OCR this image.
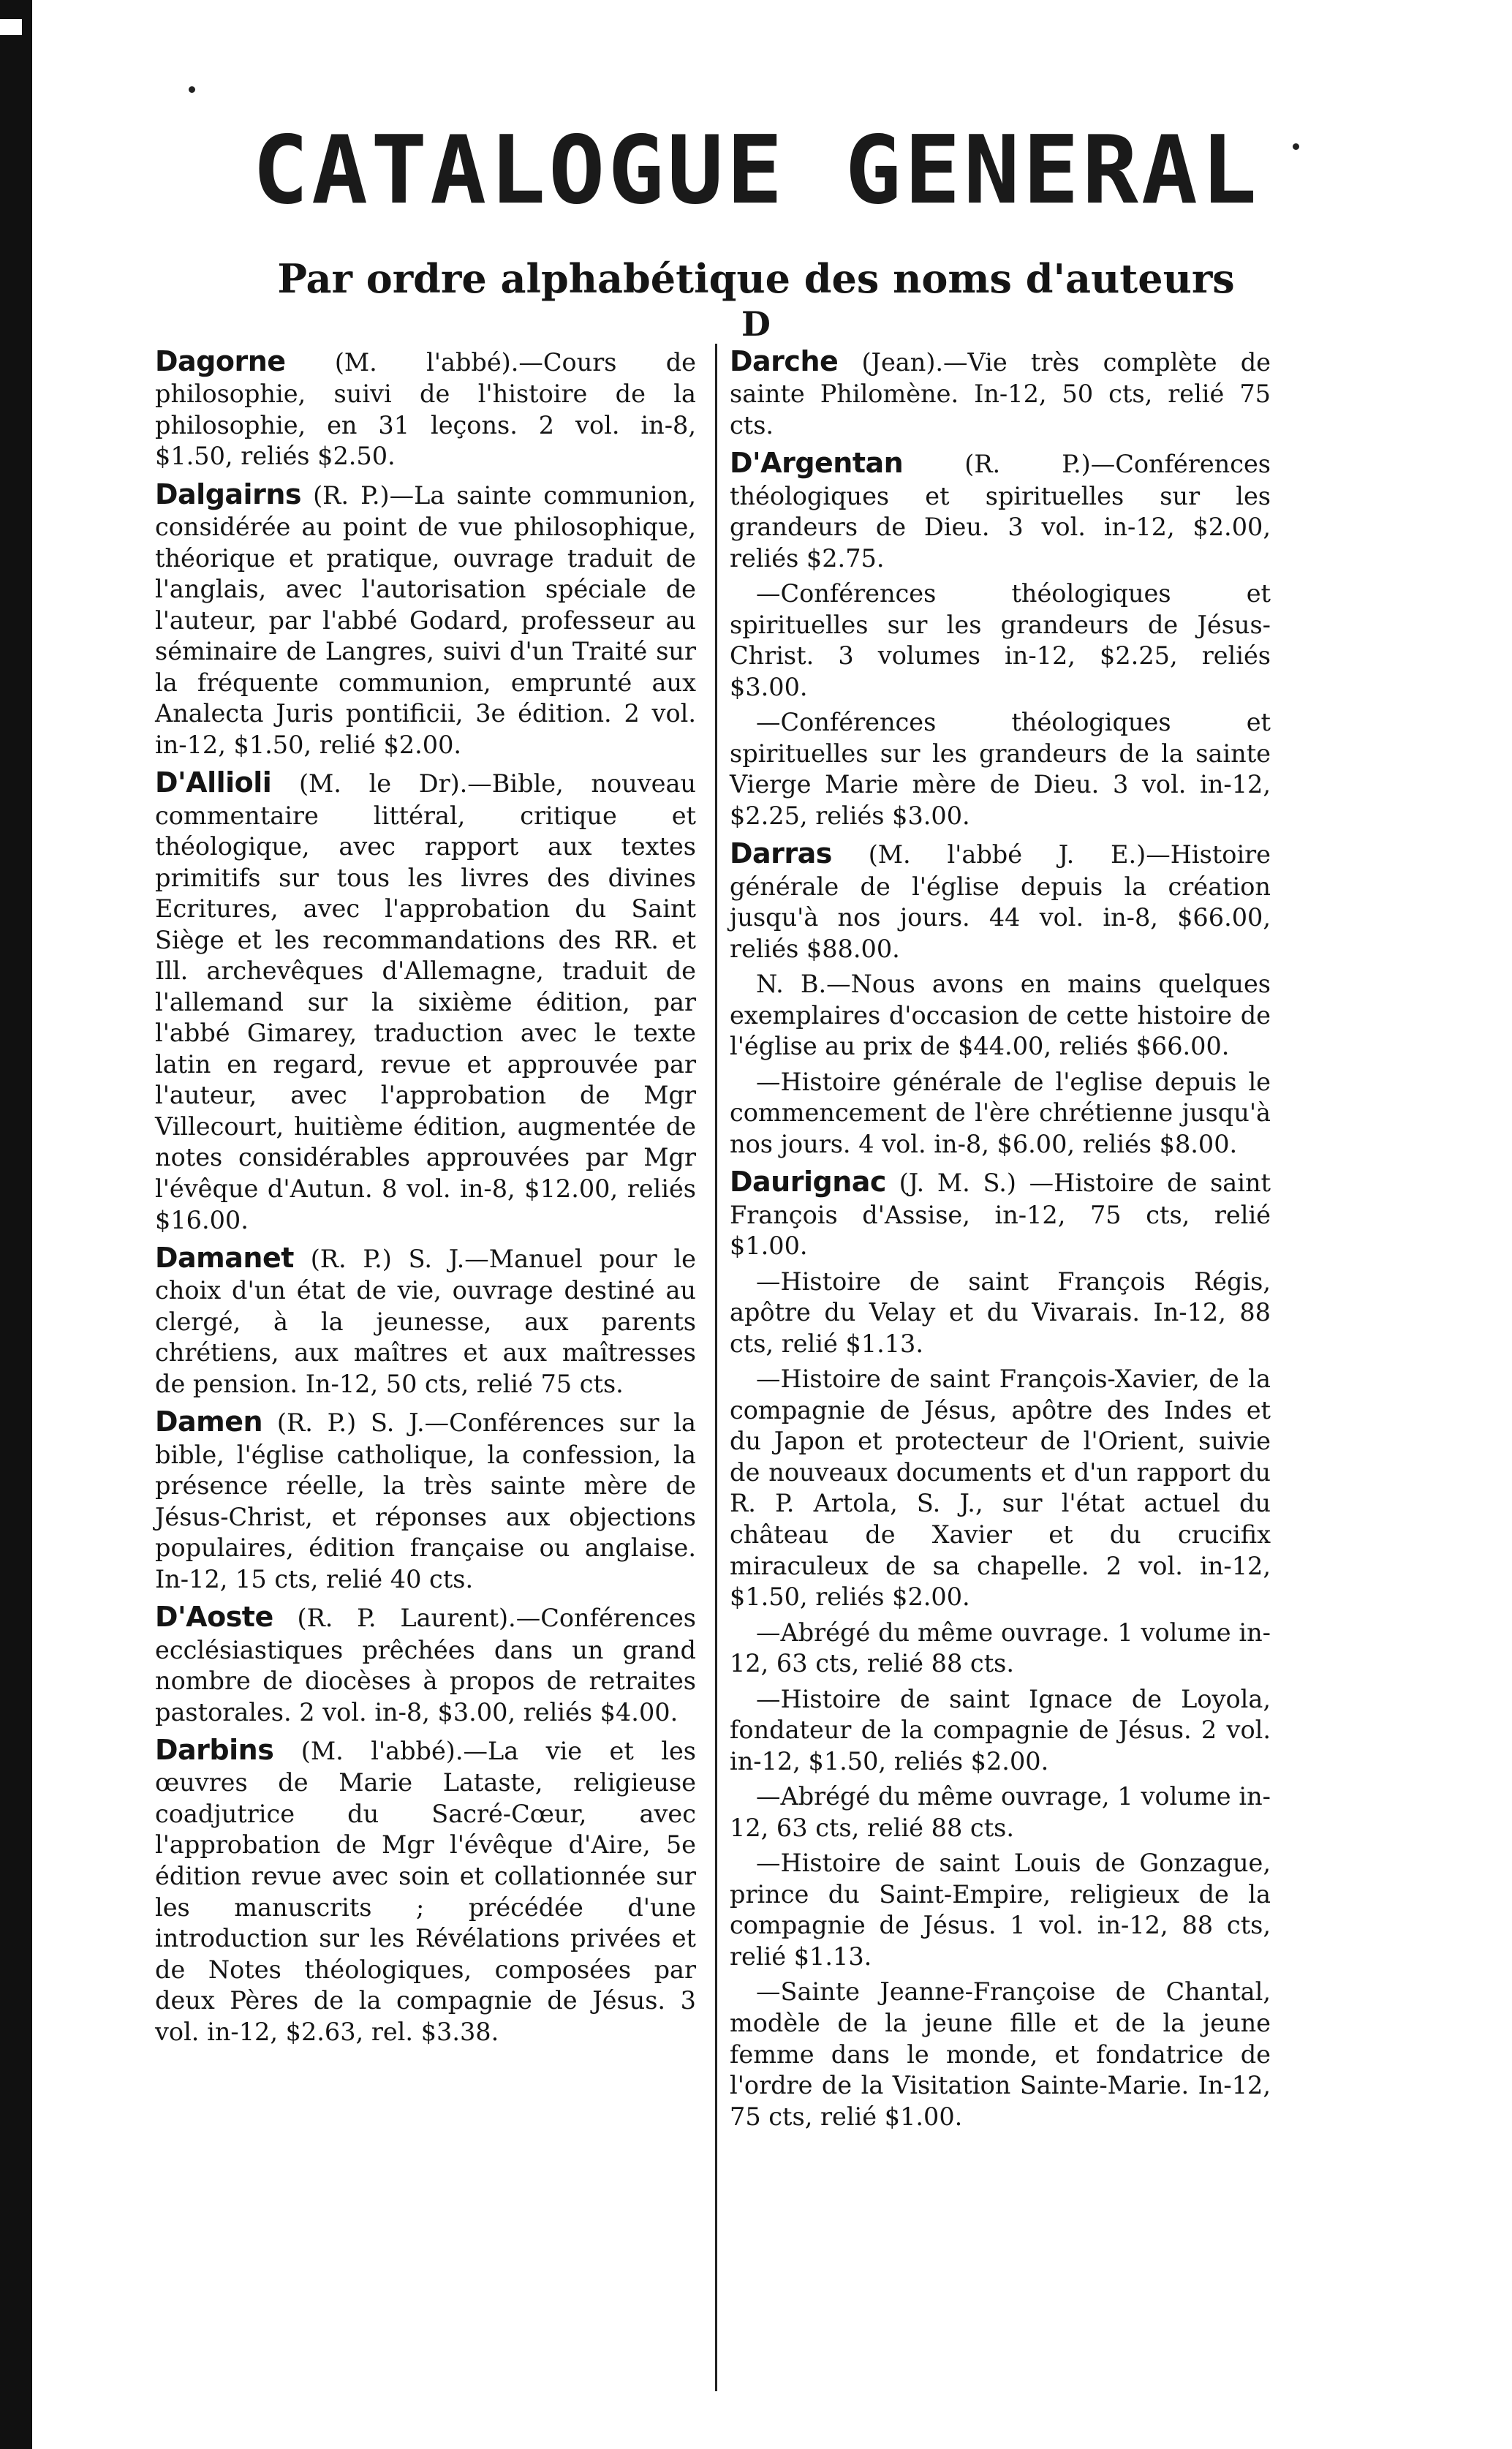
CATALOGUE GENERAL
Par ordre alphabétique des noms d'auteurs
D

Dagorne (M. l'abbé).—Cours de philosophie, suivi de l'histoire de la philosophie, en 31 leçons. 2 vol. in-8, $1.50, reliés $2.50.

Dalgairns (R. P.)—La sainte communion, considérée au point de vue philosophique, théorique et pratique, ouvrage traduit de l'anglais, avec l'autorisation spéciale de l'auteur, par l'abbé Godard, professeur au séminaire de Langres, suivi d'un Traité sur la fréquente communion, emprunté aux Analecta Juris pontificii, 3e édition. 2 vol. in-12, $1.50, relié $2.00.

D'Allioli (M. le Dr).—Bible, nouveau commentaire littéral, critique et théologique, avec rapport aux textes primitifs sur tous les livres des divines Ecritures, avec l'approbation du Saint Siège et les recommandations des RR. et Ill. archevêques d'Allemagne, traduit de l'allemand sur la sixième édition, par l'abbé Gimarey, traduction avec le texte latin en regard, revue et approuvée par l'auteur, avec l'approbation de Mgr Villecourt, huitième édition, augmentée de notes considérables approuvées par Mgr l'évêque d'Autun. 8 vol. in-8, $12.00, reliés $16.00.

Damanet (R. P.) S. J.—Manuel pour le choix d'un état de vie, ouvrage destiné au clergé, à la jeunesse, aux parents chrétiens, aux maîtres et aux maîtresses de pension. In-12, 50 cts, relié 75 cts.

Damen (R. P.) S. J.—Conférences sur la bible, l'église catholique, la confession, la présence réelle, la très sainte mère de Jésus-Christ, et réponses aux objections populaires, édition française ou anglaise. In-12, 15 cts, relié 40 cts.

D'Aoste (R. P. Laurent).—Conférences ecclésiastiques prêchées dans un grand nombre de diocèses à propos de retraites pastorales. 2 vol. in-8, $3.00, reliés $4.00.

Darbins (M. l'abbé).—La vie et les œuvres de Marie Lataste, religieuse coadjutrice du Sacré-Cœur, avec l'approbation de Mgr l'évêque d'Aire, 5e édition revue avec soin et collationnée sur les manuscrits ; précédée d'une introduction sur les Révélations privées et de Notes théologiques, composées par deux Pères de la compagnie de Jésus. 3 vol. in-12, $2.63, rel. $3.38.

Darche (Jean).—Vie très complète de sainte Philomène. In-12, 50 cts, relié 75 cts.

D'Argentan	(R. P.)—Conférences théologiques et spirituelles sur les grandeurs de Dieu. 3 vol. in-12, $2.00, reliés $2.75.

—Conférences théologiques et spirituelles sur les grandeurs de Jésus-Christ. 3 volumes in-12, $2.25, reliés $3.00.

—Conférences théologiques et spirituelles sur les grandeurs de la sainte Vierge Marie mère de Dieu. 3 vol. in-12, $2.25, reliés $3.00.

Darras (M. l'abbé J. E.)—Histoire générale de l'église depuis la création jusqu'à nos jours. 44 vol. in-8, $66.00, reliés $88.00.

N. B.—Nous avons en mains quelques exemplaires d'occasion de cette histoire de l'église au prix de $44.00, reliés $66.00.

—Histoire générale de l'eglise depuis le commencement de l'ère chrétienne jusqu'à nos jours. 4 vol. in-8, $6.00, reliés $8.00.

Daurignac (J. M. S.) —Histoire de saint François d'Assise, in-12, 75 cts, relié $1.00.

—Histoire de saint François Régis, apôtre du Velay et du Vivarais. In-12, 88 cts, relié $1.13.

—Histoire de saint François-Xavier, de la compagnie de Jésus, apôtre des Indes et du Japon et protecteur de l'Orient, suivie de nouveaux documents et d'un rapport du R. P. Artola, S. J., sur l'état actuel du château de Xavier et du crucifix miraculeux de sa chapelle. 2 vol. in-12, $1.50, reliés $2.00.

—Abrégé du même ouvrage. 1 volume in-12, 63 cts, relié 88 cts.

—Histoire de saint Ignace de Loyola, fondateur de la compagnie de Jésus. 2 vol. in-12, $1.50, reliés $2.00.

—Abrégé du même ouvrage, 1 volume in-12, 63 cts, relié 88 cts.

—Histoire de saint Louis de Gonzague, prince du Saint-Empire, religieux de la compagnie de Jésus. 1 vol. in-12, 88 cts, relié $1.13.

—Sainte Jeanne-Françoise de Chantal, modèle de la jeune fille et de la jeune femme dans le monde, et fondatrice de l'ordre de la Visitation Sainte-Marie. In-12, 75 cts, relié $1.00.
